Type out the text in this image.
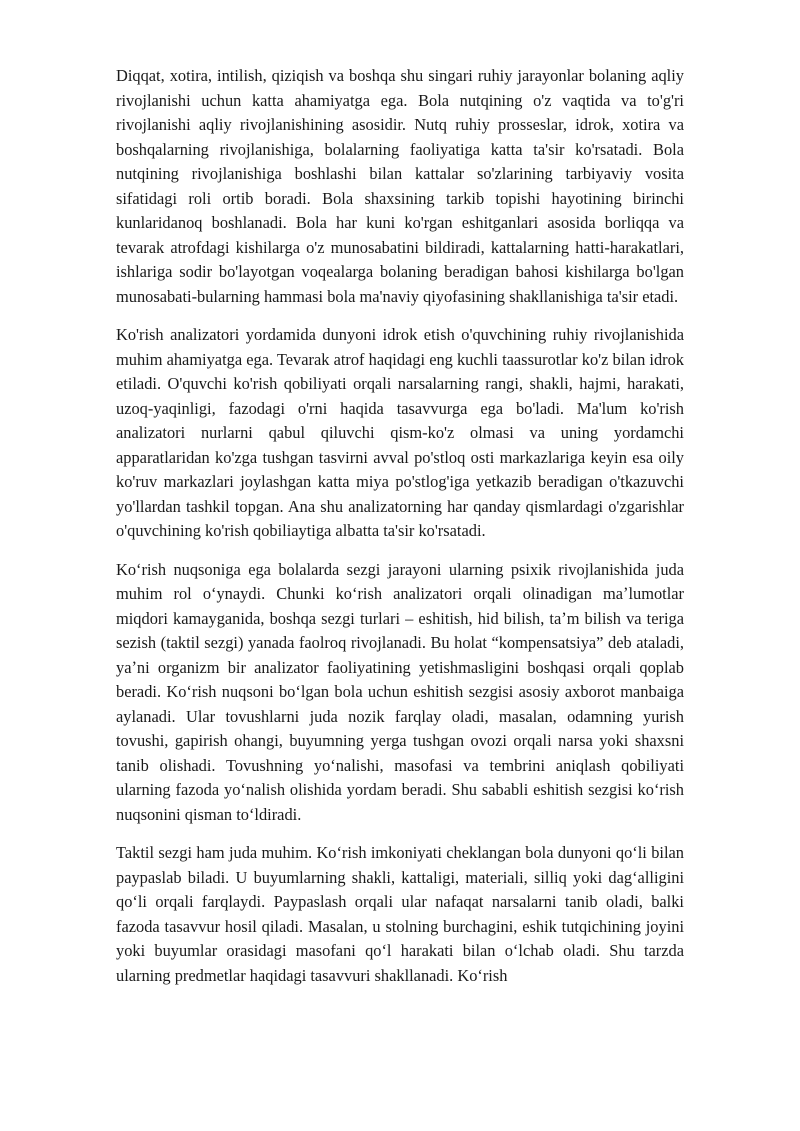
Diqqat, xotira, intilish, qiziqish va boshqa shu singari ruhiy jarayonlar bolaning aqliy rivojlanishi uchun katta ahamiyatga ega. Bola nutqining o'z vaqtida va to'g'ri rivojlanishi aqliy rivojlanishining asosidir. Nutq ruhiy prosseslar, idrok, xotira va boshqalarning rivojlanishiga, bolalarning faoliyatiga katta ta'sir ko'rsatadi. Bola nutqining rivojlanishiga boshlashi bilan kattalar so'zlarining tarbiyaviy vosita sifatidagi roli ortib boradi. Bola shaxsining tarkib topishi hayotining birinchi kunlaridanoq boshlanadi. Bola har kuni ko'rgan eshitganlari asosida borliqqa va tevarak atrofdagi kishilarga o'z munosabatini bildiradi, kattalarning hatti-harakatlari, ishlariga sodir bo'layotgan voqealarga bolaning beradigan bahosi kishilarga bo'lgan munosabati-bularning hammasi bola ma'naviy qiyofasining shakllanishiga ta'sir etadi.

Ko'rish analizatori yordamida dunyoni idrok etish o'quvchining ruhiy rivojlanishida muhim ahamiyatga ega. Tevarak atrof haqidagi eng kuchli taassurotlar ko'z bilan idrok etiladi. O'quvchi ko'rish qobiliyati orqali narsalarning rangi, shakli, hajmi, harakati, uzoq-yaqinligi, fazodagi o'rni haqida tasavvurga ega bo'ladi. Ma'lum ko'rish analizatori nurlarni qabul qiluvchi qism-ko'z olmasi va uning yordamchi apparatlaridan ko'zga tushgan tasvirni avval po'stloq osti markazlariga keyin esa oily ko'ruv markazlari joylashgan katta miya po'stlog'iga yetkazib beradigan o'tkazuvchi yo'llardan tashkil topgan. Ana shu analizatorning har qanday qismlardagi o'zgarishlar o'quvchining ko'rish qobiliaytiga albatta ta'sir ko'rsatadi.

Koʻrish nuqsoniga ega bolalarda sezgi jarayoni ularning psixik rivojlanishida juda muhim rol oʻynaydi. Chunki koʻrish analizatori orqali olinadigan maʼlumotlar miqdori kamayganida, boshqa sezgi turlari – eshitish, hid bilish, taʼm bilish va teriga sezish (taktil sezgi) yanada faolroq rivojlanadi. Bu holat “kompensatsiya” deb ataladi, yaʼni organizm bir analizator faoliyatining yetishmasligini boshqasi orqali qoplab beradi. Koʻrish nuqsoni boʻlgan bola uchun eshitish sezgisi asosiy axborot manbaiga aylanadi. Ular tovushlarni juda nozik farqlay oladi, masalan, odamning yurish tovushi, gapirish ohangi, buyumning yerga tushgan ovozi orqali narsa yoki shaxsni tanib olishadi. Tovushning yoʻnalishi, masofasi va tembrini aniqlash qobiliyati ularning fazoda yoʻnalish olishida yordam beradi. Shu sababli eshitish sezgisi koʻrish nuqsonini qisman toʻldiradi.

Taktil sezgi ham juda muhim. Koʻrish imkoniyati cheklangan bola dunyoni qoʻli bilan paypaslab biladi. U buyumlarning shakli, kattaligi, materiali, silliq yoki dagʻalligini qoʻli orqali farqlaydi. Paypaslash orqali ular nafaqat narsalarni tanib oladi, balki fazoda tasavvur hosil qiladi. Masalan, u stolning burchagini, eshik tutqichining joyini yoki buyumlar orasidagi masofani qoʻl harakati bilan oʻlchab oladi. Shu tarzda ularning predmetlar haqidagi tasavvuri shakllanadi. Koʻrish
